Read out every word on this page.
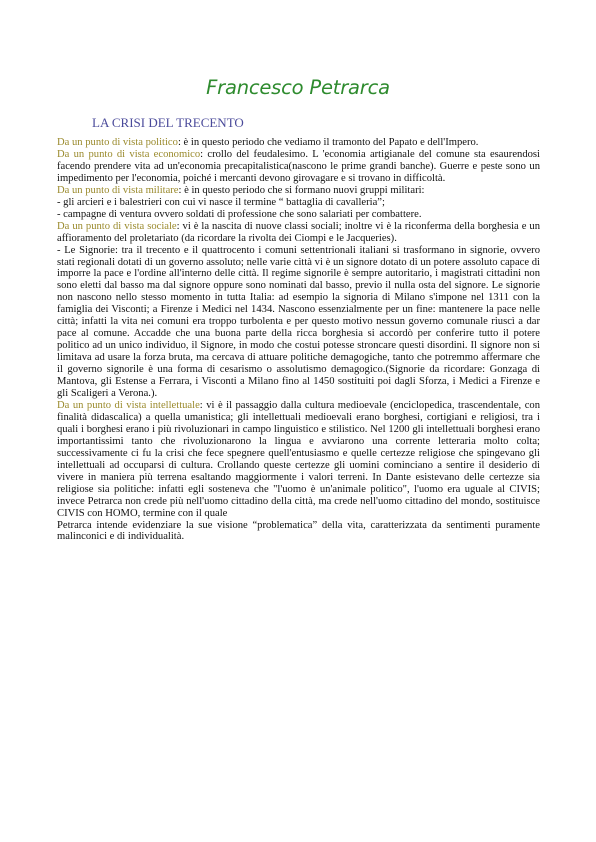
Francesco Petrarca
LA CRISI DEL TRECENTO

Da un punto di vista politico: è in questo periodo che vediamo il tramonto del Papato e dell'Impero.

Da un punto di vista economico: crollo del feudalesimo. L 'economia artigianale del comune sta esaurendosi facendo prendere vita ad un'economia precapitalistica(nascono le prime grandi banche). Guerre e peste sono un impedimento per l'economia, poiché i mercanti devono girovagare e si trovano in difficoltà.

Da un punto di vista militare: è in questo periodo che si formano nuovi gruppi militari:

- gli arcieri e i balestrieri con cui vi nasce il termine “ battaglia di cavalleria”;

- campagne di ventura ovvero soldati di professione che sono salariati per combattere.

Da un punto di vista sociale: vi è la nascita di nuove classi sociali; inoltre vi è la riconferma della borghesia e un affioramento del proletariato (da ricordare la rivolta dei Ciompi e le Jacqueries).

- Le Signorie: tra il trecento e il quattrocento i comuni settentrionali italiani si trasformano in signorie, ovvero stati regionali dotati di un governo assoluto; nelle varie città vi è un signore dotato di un potere assoluto capace di imporre la pace e l'ordine all'interno delle città. Il regime signorile è sempre autoritario, i magistrati cittadini non sono eletti dal basso ma dal signore oppure sono nominati dal basso, previo il nulla osta del signore. Le signorie non nascono nello stesso momento in tutta Italia: ad esempio la signoria di Milano s'impone nel 1311 con la famiglia dei Visconti; a Firenze i Medici nel 1434. Nascono essenzialmente per un fine: mantenere la pace nelle città; infatti la vita nei comuni era troppo turbolenta e per questo motivo nessun governo comunale riuscì a dar pace al comune. Accadde che una buona parte della ricca borghesia si accordò per conferire tutto il potere politico ad un unico individuo, il Signore, in modo che costui potesse stroncare questi disordini. Il signore non si limitava ad usare la forza bruta, ma cercava di attuare politiche demagogiche, tanto che potremmo affermare che il governo signorile è una forma di cesarismo o assolutismo demagogico.(Signorie da ricordare: Gonzaga di Mantova, gli Estense a Ferrara, i Visconti a Milano fino al 1450 sostituiti poi dagli Sforza, i Medici a Firenze e gli Scaligeri a Verona.).

Da un punto di vista intellettuale: vi è il passaggio dalla cultura medioevale (enciclopedica, trascendentale, con finalità didascalica) a quella umanistica; gli intellettuali medioevali erano borghesi, cortigiani e religiosi, tra i quali i borghesi erano i più rivoluzionari in campo linguistico e stilistico. Nel 1200 gli intellettuali borghesi erano importantissimi tanto che rivoluzionarono la lingua e avviarono una corrente letteraria molto colta; successivamente ci fu la crisi che fece spegnere quell'entusiasmo e quelle certezze religiose che spingevano gli intellettuali ad occuparsi di cultura. Crollando queste certezze gli uomini cominciano a sentire il desiderio di vivere in maniera più terrena esaltando maggiormente i valori terreni. In Dante esistevano delle certezze sia religiose sia politiche: infatti egli sosteneva che "l'uomo è un'animale politico", l'uomo era uguale al CIVIS; invece Petrarca non crede più nell'uomo cittadino della città, ma crede nell'uomo cittadino del mondo, sostituisce CIVIS con HOMO, termine con il quale

Petrarca intende evidenziare la sue visione “problematica” della vita, caratterizzata da sentimenti puramente malinconici e di individualità.
